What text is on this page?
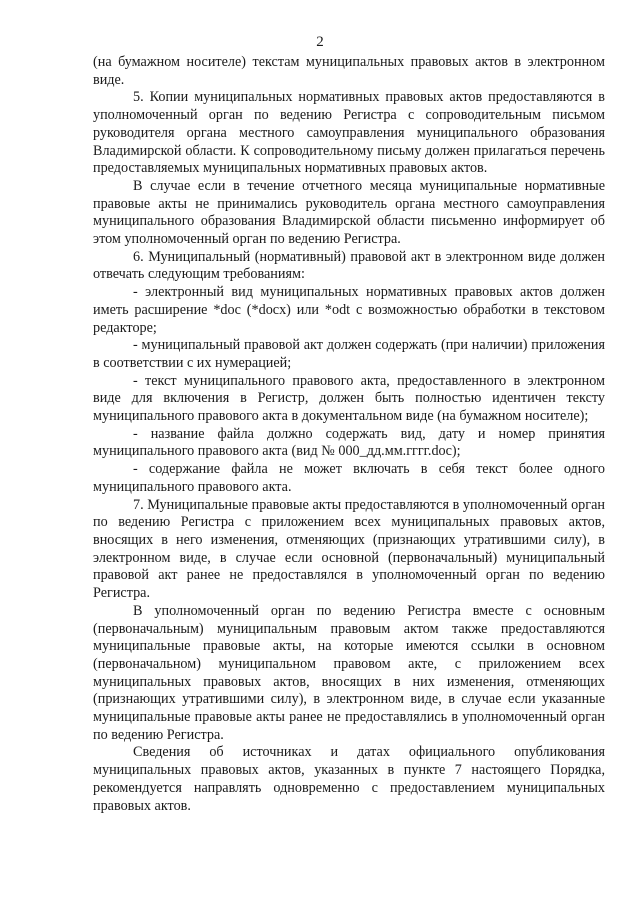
2

(на бумажном носителе) текстам муниципальных правовых актов в электронном виде.

5. Копии муниципальных нормативных правовых актов предоставляются в уполномоченный орган по ведению Регистра с сопроводительным письмом руководителя органа местного самоуправления муниципального образования Владимирской области. К сопроводительному письму должен прилагаться перечень предоставляемых муниципальных нормативных правовых актов.

В случае если в течение отчетного месяца муниципальные нормативные правовые акты не принимались руководитель органа местного самоуправления муниципального образования Владимирской области письменно информирует об этом уполномоченный орган по ведению Регистра.

6. Муниципальный (нормативный) правовой акт в электронном виде должен отвечать следующим требованиям:

- электронный вид муниципальных нормативных правовых актов должен иметь расширение *doc (*docx) или *odt с возможностью обработки в текстовом редакторе;

- муниципальный правовой акт должен содержать (при наличии) приложения в соответствии с их нумерацией;

- текст муниципального правового акта, предоставленного в электронном виде для включения в Регистр, должен быть полностью идентичен тексту муниципального правового акта в документальном виде (на бумажном носителе);

- название файла должно содержать вид, дату и номер принятия муниципального правового акта (вид № 000_дд.мм.гггг.doc);

- содержание файла не может включать в себя текст более одного муниципального правового акта.

7. Муниципальные правовые акты предоставляются в уполномоченный орган по ведению Регистра с приложением всех муниципальных правовых актов, вносящих в него изменения, отменяющих (признающих утратившими силу), в электронном виде, в случае если основной (первоначальный) муниципальный правовой акт ранее не предоставлялся в уполномоченный орган по ведению Регистра.

В уполномоченный орган по ведению Регистра вместе с основным (первоначальным) муниципальным правовым актом также предоставляются муниципальные правовые акты, на которые имеются ссылки в основном (первоначальном) муниципальном правовом акте, с приложением всех муниципальных правовых актов, вносящих в них изменения, отменяющих (признающих утратившими силу), в электронном виде, в случае если указанные муниципальные правовые акты ранее не предоставлялись в уполномоченный орган по ведению Регистра.

Сведения об источниках и датах официального опубликования муниципальных правовых актов, указанных в пункте 7 настоящего Порядка, рекомендуется направлять одновременно с предоставлением муниципальных правовых актов.
